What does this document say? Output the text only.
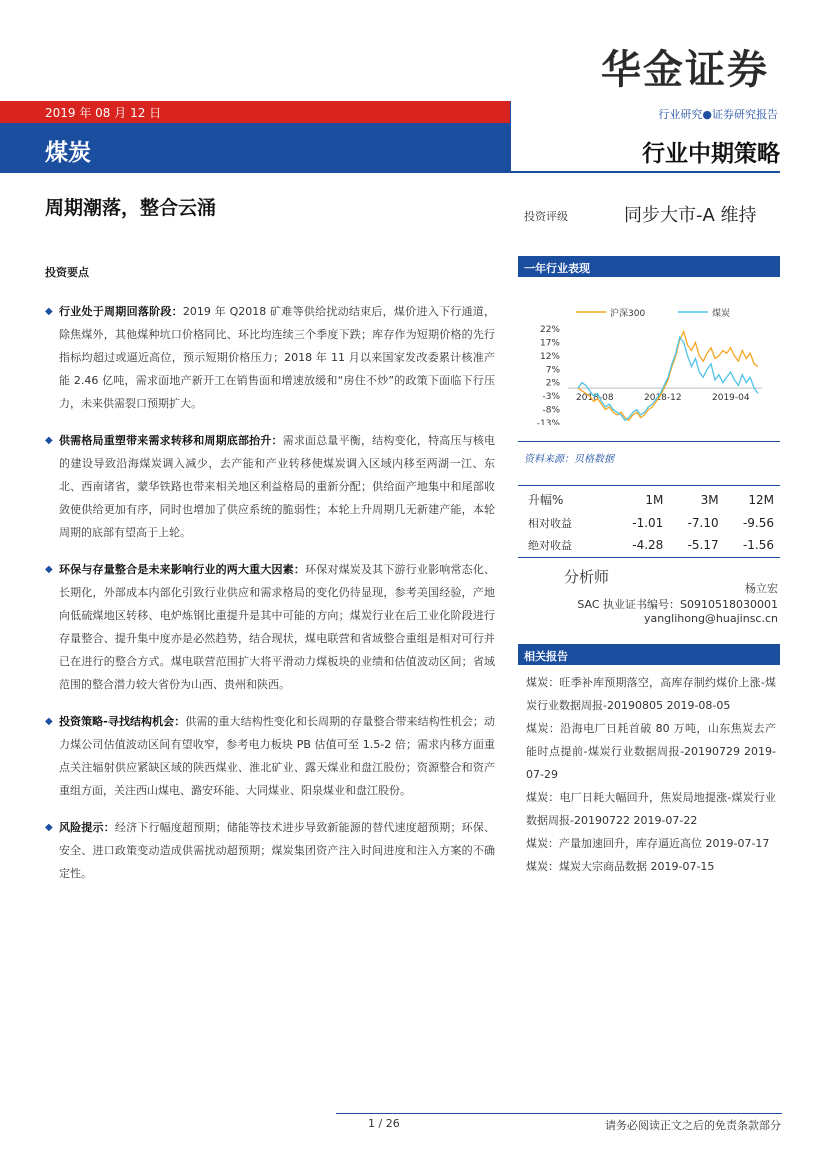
华金证券
2019 年 08 月 12 日	行业研究●证券研究报告
煤炭	行业中期策略
周期潮落，整合云涌	投资评级	同步大市-A 维持
投资要点
◆ 行业处于周期回落阶段：2019 年 Q2018 矿难等供给扰动结束后，煤价进入下行通道，除焦煤外，其他煤种坑口价格同比、环比均连续三个季度下跌；库存作为短期价格的先行指标均超过或逼近高位，预示短期价格压力；2018 年 11 月以来国家发改委累计核准产能 2.46 亿吨，需求面地产新开工在销售面和增速放缓和“房住不炒”的政策下面临下行压力，未来供需裂口预期扩大。
◆ 供需格局重塑带来需求转移和周期底部抬升：需求面总量平衡，结构变化，特高压与核电的建设导致沿海煤炭调入减少，去产能和产业转移使煤炭调入区域内移至两湖一江、东北、西南诸省，蒙华铁路也带来相关地区利益格局的重新分配；供给面产地集中和尾部收敛使供给更加有序，同时也增加了供应系统的脆弱性；本轮上升周期几无新建产能，本轮周期的底部有望高于上轮。
◆ 环保与存量整合是未来影响行业的两大重大因素：环保对煤炭及其下游行业影响常态化、长期化，外部成本内部化引致行业供应和需求格局的变化仍待显现，参考美国经验，产地向低硫煤地区转移、电炉炼钢比重提升是其中可能的方向；煤炭行业在后工业化阶段进行存量整合、提升集中度亦是必然趋势，结合现状，煤电联营和省域整合重组是相对可行并已在进行的整合方式。煤电联营范围扩大将平滑动力煤板块的业绩和估值波动区间；省域范围的整合潜力较大省份为山西、贵州和陕西。
◆ 投资策略-寻找结构机会：供需的重大结构性变化和长周期的存量整合带来结构性机会；动力煤公司估值波动区间有望收窄，参考电力板块 PB 估值可至 1.5-2 倍；需求内移方面重点关注辐射供应紧缺区域的陕西煤业、淮北矿业、露天煤业和盘江股份；资源整合和资产重组方面，关注西山煤电、潞安环能、大同煤业、阳泉煤业和盘江股份。
◆ 风险提示：经济下行幅度超预期；储能等技术进步导致新能源的替代速度超预期；环保、安全、进口政策变动造成供需扰动超预期；煤炭集团资产注入时间进度和注入方案的不确定性。
一年行业表现
沪深300	煤炭
22%
17%
12%
7%
2%
-3%
-8%
-13%
2018-08	2018-12	2019-04
资料来源：贝格数据
升幅%	1M	3M	12M
相对收益	-1.01	-7.10	-9.56
绝对收益	-4.28	-5.17	-1.56
分析师
杨立宏
SAC 执业证书编号：S0910518030001
yanglihong@huajinsc.cn
相关报告
煤炭：旺季补库预期落空，高库存制约煤价上涨-煤炭行业数据周报-20190805 2019-08-05
煤炭：沿海电厂日耗首破 80 万吨，山东焦炭去产能时点提前-煤炭行业数据周报-20190729 2019-07-29
煤炭：电厂日耗大幅回升，焦炭局地提涨-煤炭行业数据周报-20190722 2019-07-22
煤炭：产量加速回升，库存逼近高位 2019-07-17
煤炭：煤炭大宗商品数据 2019-07-15
1 / 26	请务必阅读正文之后的免责条款部分
